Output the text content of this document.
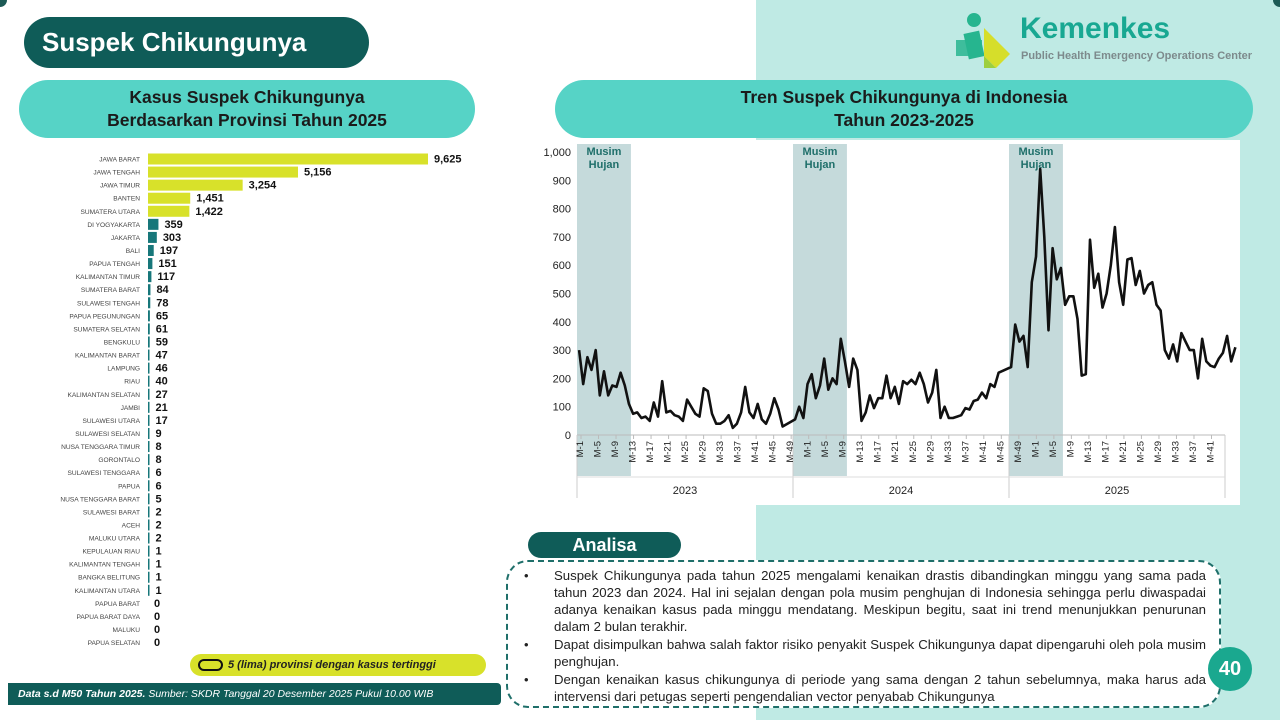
Suspek Chikungunya	Kemenkes
Public Health Emergency Operations Center
Kasus Suspek Chikungunya
Berdasarkan Provinsi Tahun 2025
Tren Suspek Chikungunya di Indonesia
Tahun 2023-2025
JAWA BARAT	9,625
JAWA TENGAH	5,156
JAWA TIMUR	3,254
BANTEN	1,451
SUMATERA UTARA	1,422
DI YOGYAKARTA 359
JAKARTA 303
BALI 197
PAPUA TENGAH 151
KALIMANTAN TIMUR 117
SUMATERA BARAT 84
SULAWESI TENGAH 78
PAPUA PEGUNUNGAN 65
SUMATERA SELATAN 61
BENGKULU 59
KALIMANTAN BARAT 47
LAMPUNG 46
RIAU 40
KALIMANTAN SELATAN 27
JAMBI 21
SULAWESI UTARA 17
SULAWESI SELATAN 9
NUSA TENGGARA TIMUR 8
GORONTALO 8
SULAWESI TENGGARA 6
PAPUA 6
NUSA TENGGARA BARAT 5
SULAWESI BARAT 2
ACEH 2
MALUKU UTARA 2
KEPULAUAN RIAU 1
KALIMANTAN TENGAH 1
BANGKA BELITUNG 1
KALIMANTAN UTARA 1
PAPUA BARAT 0
PAPUA BARAT DAYA 0
MALUKU 0
PAPUA SELATAN 0
Musim
Hujan
Musim
Hujan
Musim
Hujan
0
100
200
300
400
500
600
700
800
900
1,000
M-1 M-5 M-9 M-13 M-17 M-21 M-25 M-29 M-33 M-37 M-41 M-45 M-49 M-1 M-5 M-9 M-13 M-17 M-21 M-25 M-29 M-33 M-37 M-41 M-45 M-49 M-1 M-5 M-9 M-13 M-17 M-21 M-25 M-29 M-33 M-37 M-41
2023	2024	2025
5 (lima) provinsi dengan kasus tertinggi
Data s.d M50 Tahun 2025. Sumber: SKDR Tanggal 20 Desember 2025 Pukul 10.00 WIB
Analisa
• Suspek Chikungunya pada tahun 2025 mengalami kenaikan drastis dibandingkan minggu yang sama pada tahun 2023 dan 2024. Hal ini sejalan dengan pola musim penghujan di Indonesia sehingga perlu diwaspadai adanya kenaikan kasus pada minggu mendatang. Meskipun begitu, saat ini trend menunjukkan penurunan dalam 2 bulan terakhir.
• Dapat disimpulkan bahwa salah faktor risiko penyakit Suspek Chikungunya dapat dipengaruhi oleh pola musim penghujan.
• Dengan kenaikan kasus chikungunya di periode yang sama dengan 2 tahun sebelumnya, maka harus ada intervensi dari petugas seperti pengendalian vector penyabab Chikungunya
40
